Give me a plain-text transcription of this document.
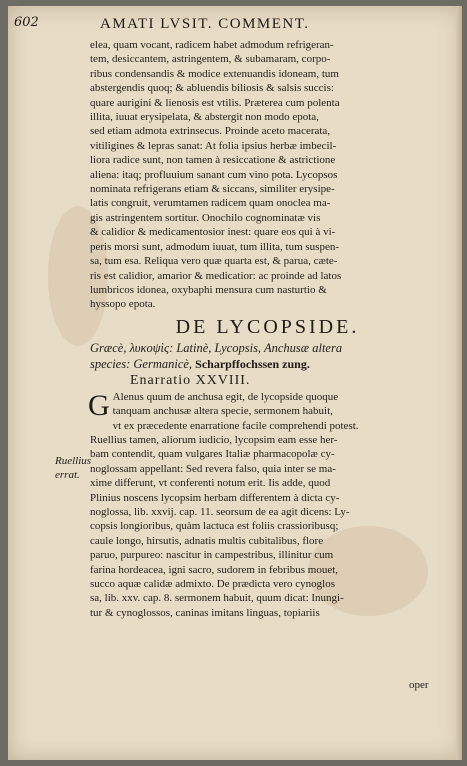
602	AMATI LVSIT. COMMENT.
elea, quam vocant, radicem habet admodum refrigeran-
tem, desiccantem, astringentem, & subamaram, corpo-
ribus condensandis & modice extenuandis idoneam, tum
abstergendis quoq; & abluendis biliosis & salsis succis:
quare aurigini & lienosis est vtilis. Præterea cum polenta
illita, iuuat erysipelata, & abstergit non modo epota,
sed etiam admota extrinsecus. Proinde aceto macerata,
vitiligines & lepras sanat: At folia ipsius herbæ imbecil-
liora radice sunt, non tamen à resiccatione & astrictione
aliena: itaq; profluuium sanant cum vino pota. Lycopsos
nominata refrigerans etiam & siccans, similiter erysipe-
latis congruit, verumtamen radicem quam onoclea ma-
gis astringentem sortitur. Onochilo cognominatæ vis
& calidior & medicamentosior inest: quare eos qui à vi-
peris morsi sunt, admodum iuuat, tum illita, tum suspen-
sa, tum esa. Reliqua vero quæ quarta est, & parua, cæte-
ris est calidior, amarior & medicatior: ac proinde ad latos
lumbricos idonea, oxybaphi mensura cum nasturtio &
hyssopo epota.
DE LYCOPSIDE.
Græcè, λυκοψὶς: Latinè, Lycopsis, Anchusæ altera
species: Germanicè, Scharpffochssen zung.
Enarratio XXVIII.
G Alenus quum de anchusa egit, de lycopside quoque
tanquam anchusæ altera specie, sermonem habuit,
vt ex præcedente enarratione facile comprehendi potest.
Ruellius tamen, aliorum iudicio, lycopsim eam esse her-
bam contendit, quam vulgares Italiæ pharmacopolæ cy-
noglossam appellant: Sed revera falso, quia inter se ma-
xime differunt, vt conferenti notum erit. Iis adde, quod
Plinius noscens lycopsim herbam differentem à dicta cy-
noglossa, lib. xxvij. cap. 11. seorsum de ea agit dicens: Ly-
copsis longioribus, quàm lactuca est foliis crassioribusq;
caule longo, hirsutis, adnatis multis cubitalibus, flore
paruo, purpureo: nascitur in campestribus, illinitur cum
farina hordeacea, igni sacro, sudorem in febribus mouet,
succo aquæ calidæ admixto. De prædicta vero cynoglos
sa, lib. xxv. cap. 8. sermonem habuit, quum dicat: Inungi-
tur & cynoglossos, caninas imitans linguas, topiariis
Ruellius
errat.
oper
